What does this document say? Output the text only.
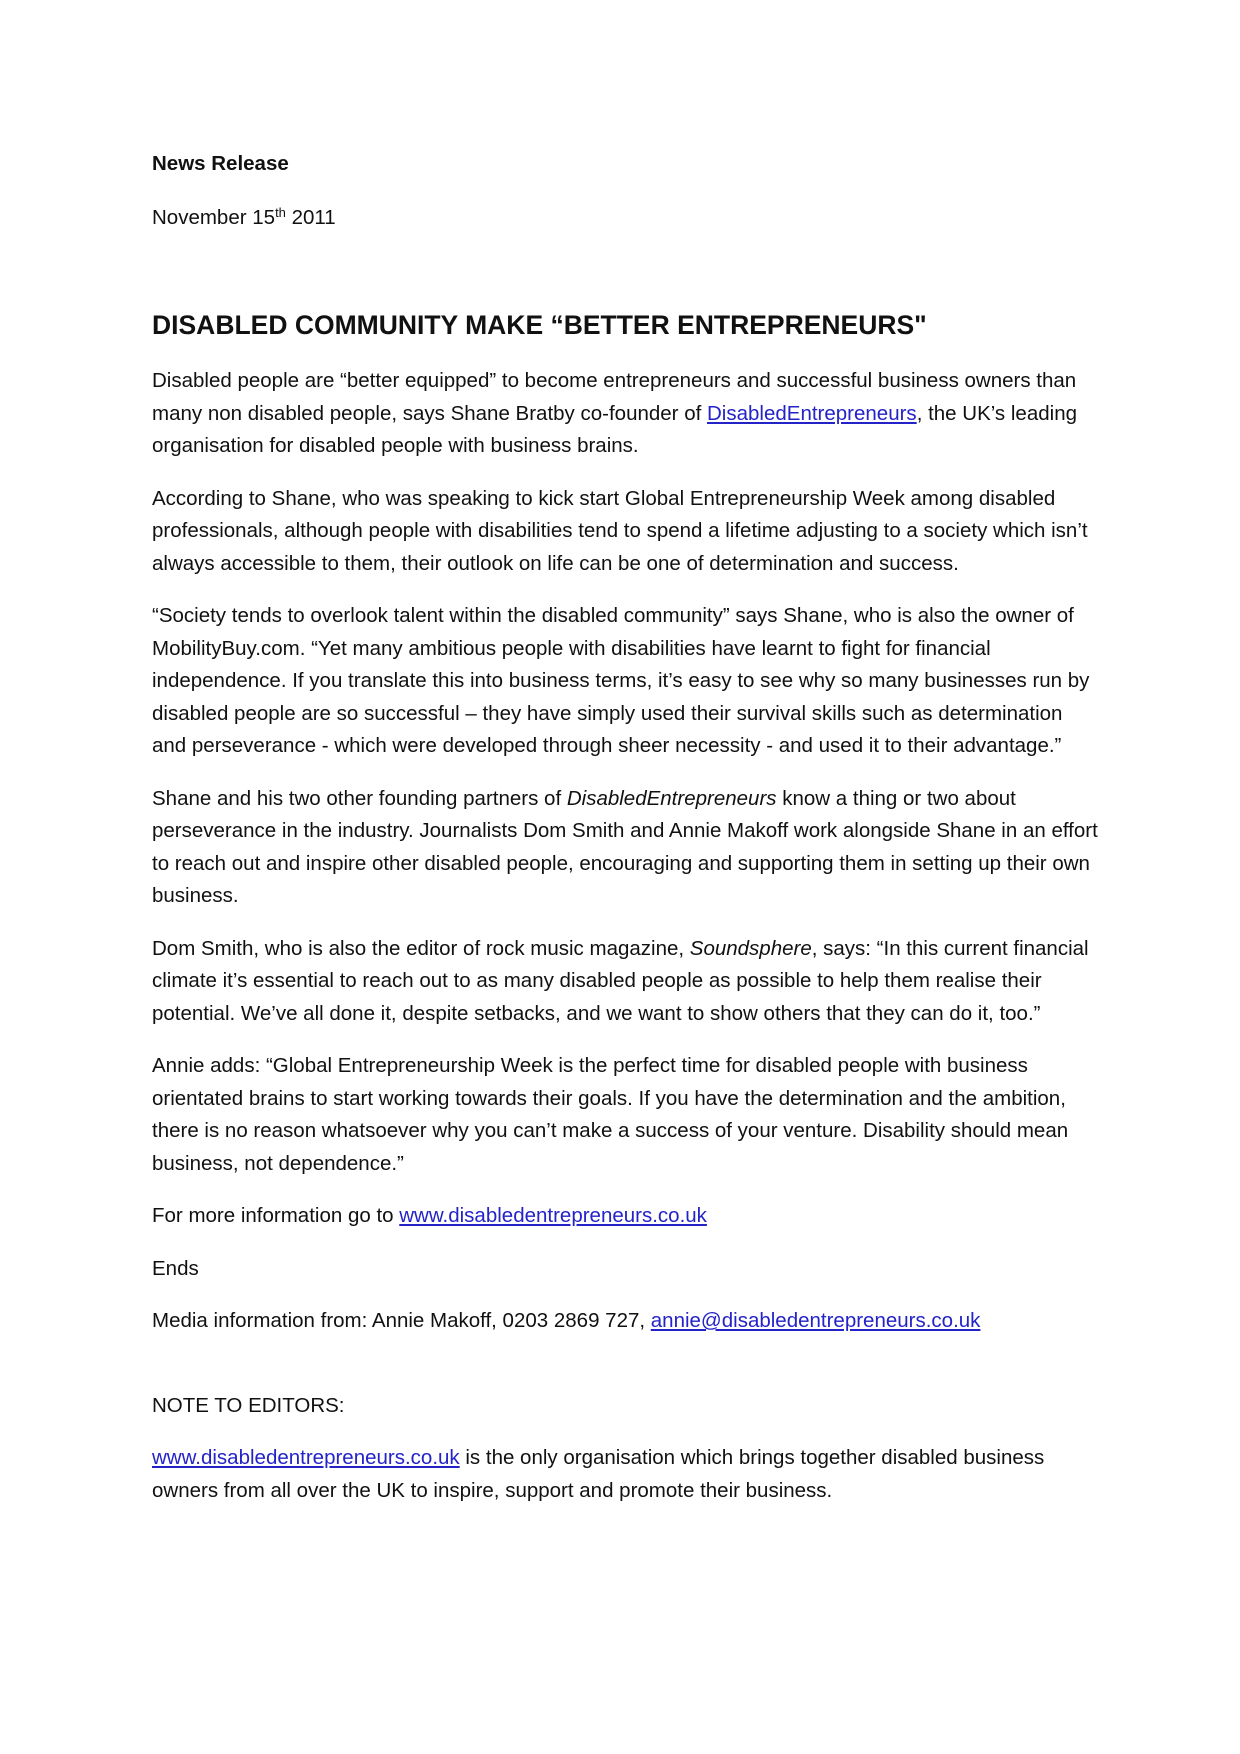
News Release

November 15th 2011

DISABLED COMMUNITY MAKE “BETTER ENTREPRENEURS"

Disabled people are “better equipped” to become entrepreneurs and successful business owners than many non disabled people, says Shane Bratby co-founder of DisabledEntrepreneurs, the UK’s leading organisation for disabled people with business brains.

According to Shane, who was speaking to kick start Global Entrepreneurship Week among disabled professionals, although people with disabilities tend to spend a lifetime adjusting to a society which isn’t always accessible to them, their outlook on life can be one of determination and success.

“Society tends to overlook talent within the disabled community” says Shane, who is also the owner of MobilityBuy.com. “Yet many ambitious people with disabilities have learnt to fight for financial independence. If you translate this into business terms, it’s easy to see why so many businesses run by disabled people are so successful – they have simply used their survival skills such as determination and perseverance - which were developed through sheer necessity - and used it to their advantage.”

Shane and his two other founding partners of DisabledEntrepreneurs know a thing or two about perseverance in the industry. Journalists Dom Smith and Annie Makoff work alongside Shane in an effort to reach out and inspire other disabled people, encouraging and supporting them in setting up their own business.

Dom Smith, who is also the editor of rock music magazine, Soundsphere, says: “In this current financial climate it’s essential to reach out to as many disabled people as possible to help them realise their potential. We’ve all done it, despite setbacks, and we want to show others that they can do it, too.”

Annie adds: “Global Entrepreneurship Week is the perfect time for disabled people with business orientated brains to start working towards their goals. If you have the determination and the ambition, there is no reason whatsoever why you can’t make a success of your venture. Disability should mean business, not dependence.”

For more information go to www.disabledentrepreneurs.co.uk

Ends

Media information from: Annie Makoff, 0203 2869 727, annie@disabledentrepreneurs.co.uk

NOTE TO EDITORS:

www.disabledentrepreneurs.co.uk is the only organisation which brings together disabled business owners from all over the UK to inspire, support and promote their business.
